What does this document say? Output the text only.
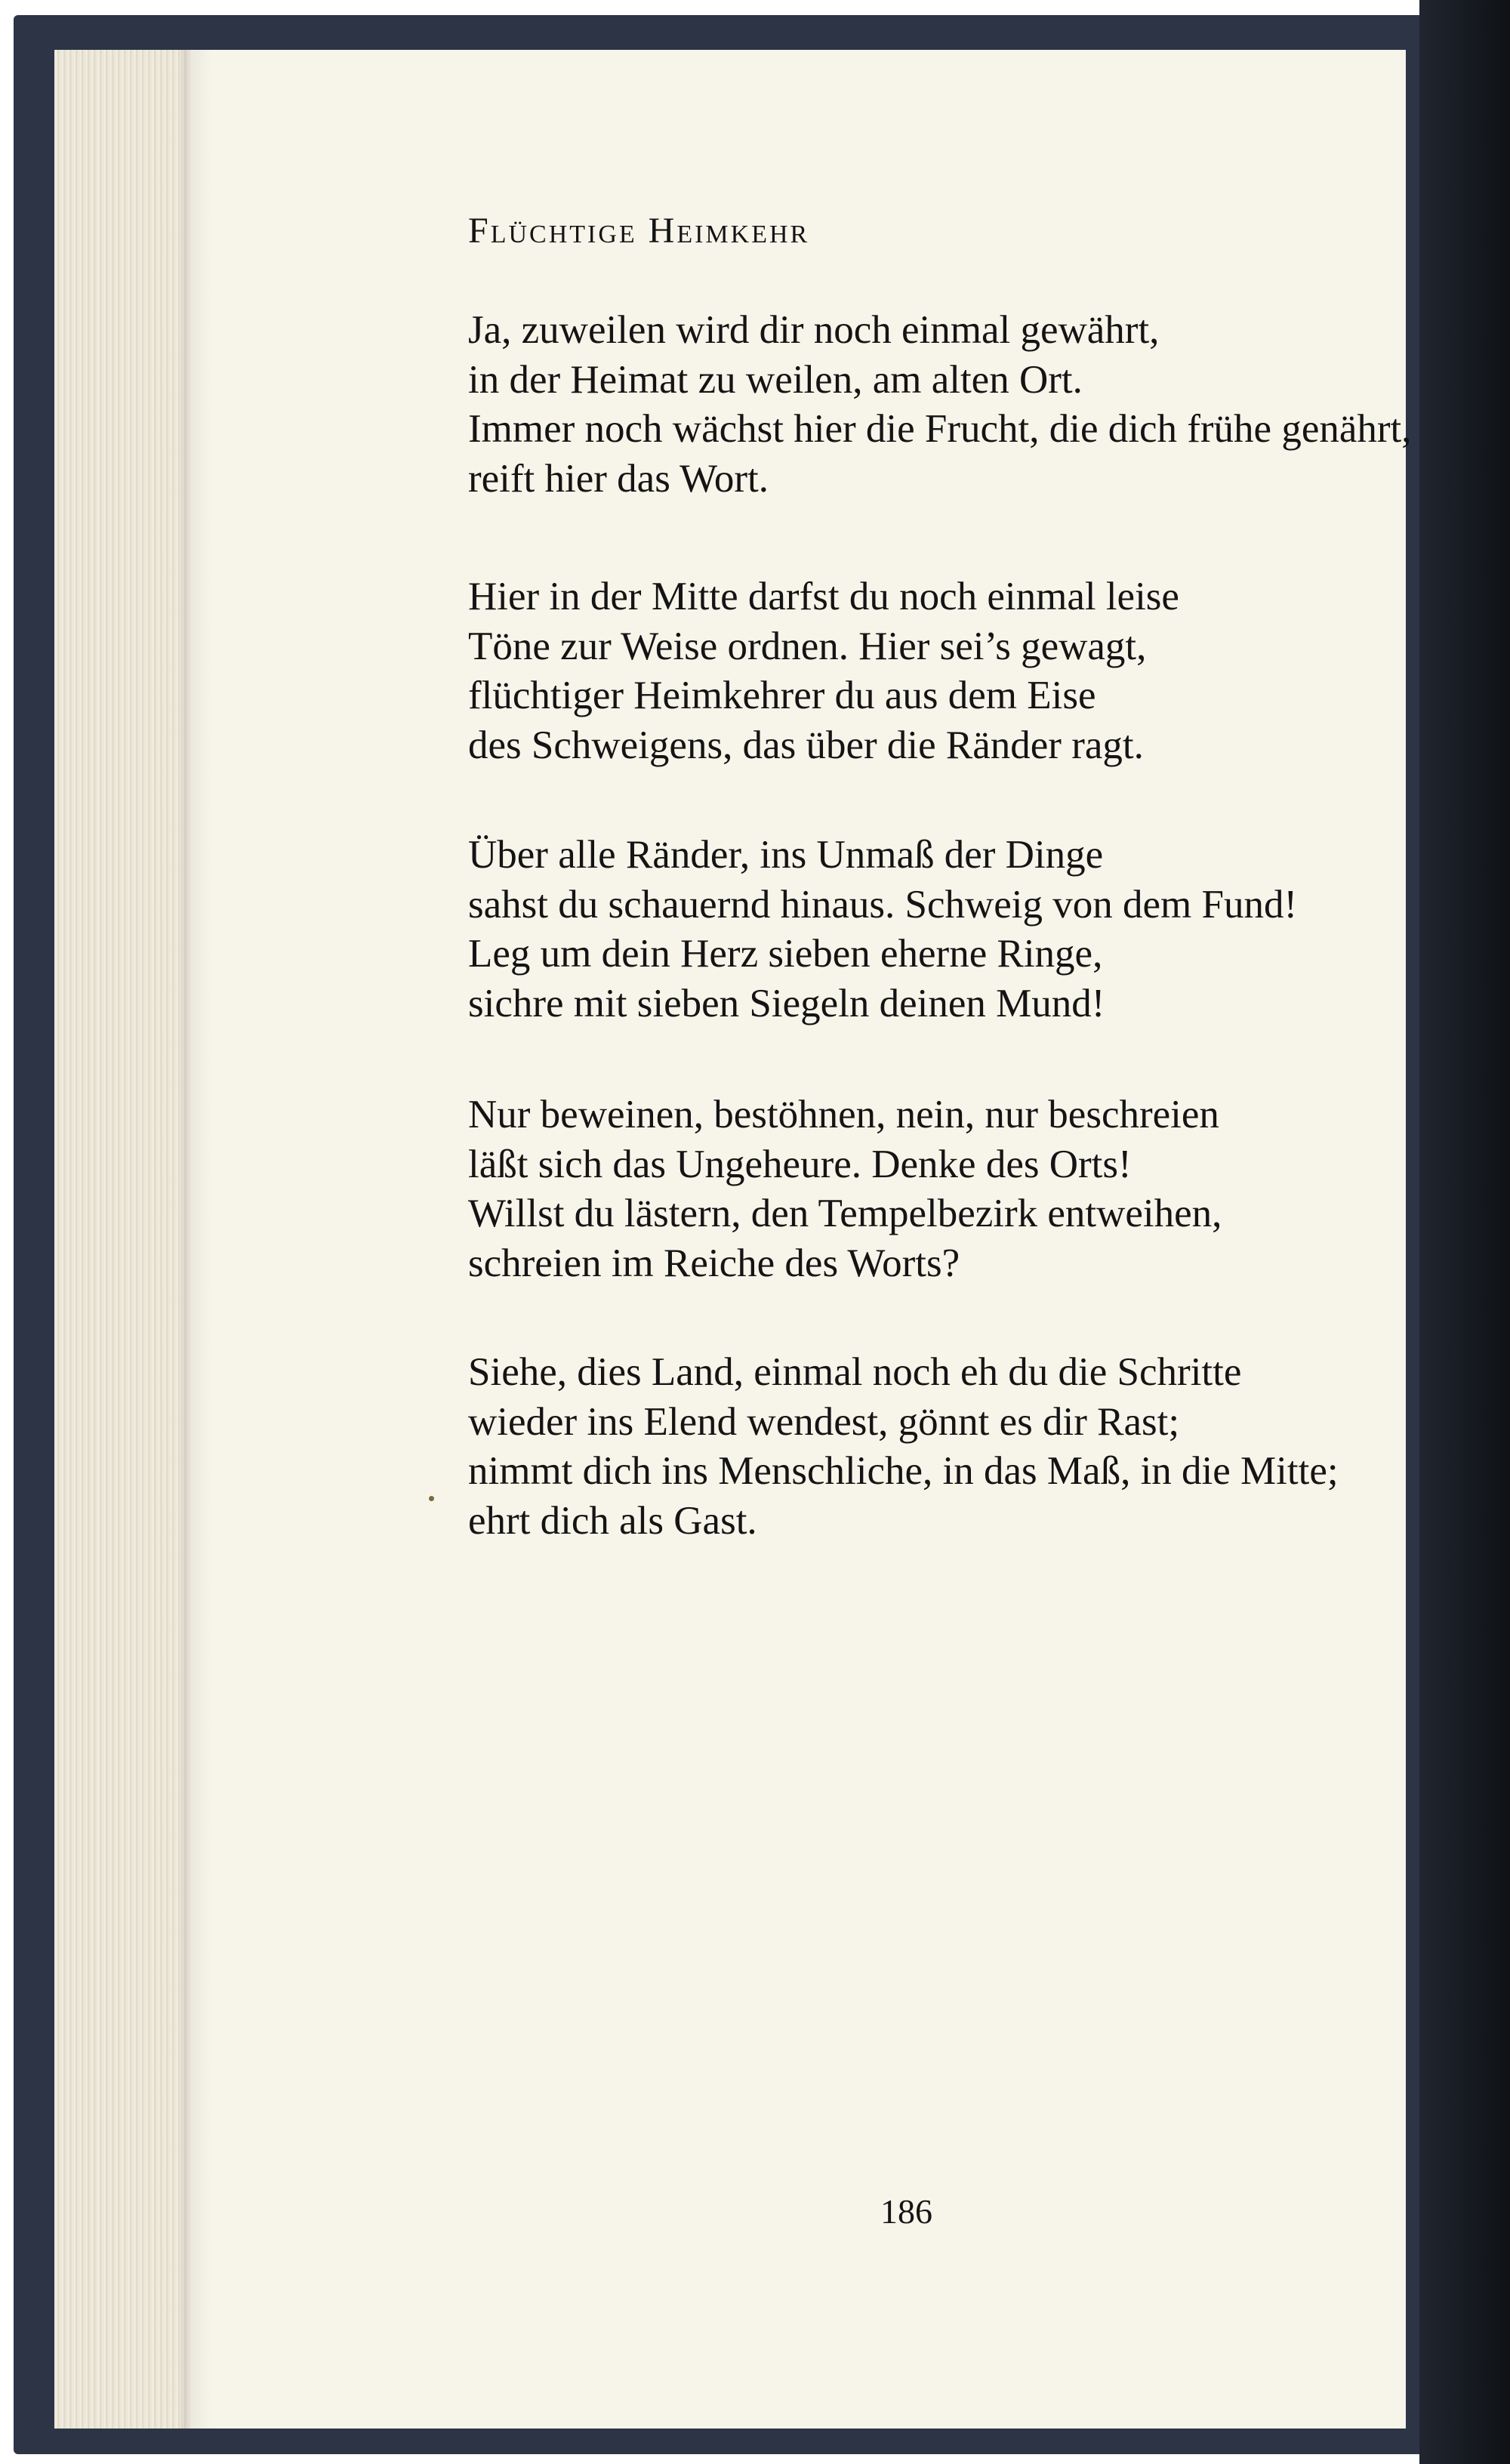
Flüchtige Heimkehr
Ja, zuweilen wird dir noch einmal gewährt,
in der Heimat zu weilen, am alten Ort.
Immer noch wächst hier die Frucht, die dich frühe genährt,
reift hier das Wort.
Hier in der Mitte darfst du noch einmal leise
Töne zur Weise ordnen. Hier sei’s gewagt,
flüchtiger Heimkehrer du aus dem Eise
des Schweigens, das über die Ränder ragt.
Über alle Ränder, ins Unmaß der Dinge
sahst du schauernd hinaus. Schweig von dem Fund!
Leg um dein Herz sieben eherne Ringe,
sichre mit sieben Siegeln deinen Mund!
Nur beweinen, bestöhnen, nein, nur beschreien
läßt sich das Ungeheure. Denke des Orts!
Willst du lästern, den Tempelbezirk entweihen,
schreien im Reiche des Worts?
Siehe, dies Land, einmal noch eh du die Schritte
wieder ins Elend wendest, gönnt es dir Rast;
nimmt dich ins Menschliche, in das Maß, in die Mitte;
ehrt dich als Gast.
186
